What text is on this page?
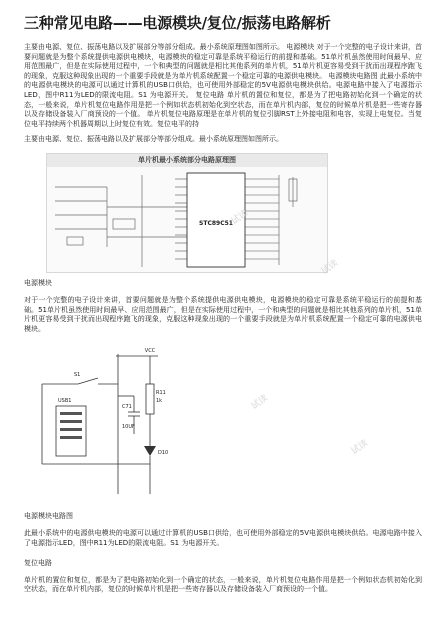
三种常见电路——电源模块/复位/振荡电路解析

主要由电源、复位、振荡电路以及扩展部分等部分组成。最小系统原理图如图所示。 电源模块 对于一个完整的电子设计来讲，首要问题就是为整个系统提供电源供电模块，电源模块的稳定可靠是系统平稳运行的前提和基础。51单片机虽然使用时间最早、应用范围最广，但是在实际使用过程中，一个和典型的问题就是相比其他系列的单片机，51单片机更容易受到干扰而出现程序跑飞的现象，克服这种现象出现的一个重要手段就是为单片机系统配置一个稳定可靠的电源供电模块。 电源模块电路图 此最小系统中的电源供电模块的电源可以通过计算机的USB口供给，也可使用外部稳定的5V电源供电模块供给。电源电路中接入了电源指示LED，图中R11为LED的限流电阻。S1 为电源开关。 复位电路 单片机的置位和复位，都是为了把电路初始化到一个确定的状态，一般来说，单片机复位电路作用是把一个例如状态机初始化到空状态，而在单片机内部，复位的时候单片机是把一些寄存器以及存储设备装入厂商预设的一个值。 单片机复位电路原理是在单片机的复位引脚RST上外接电阻和电容，实现上电复位。当复位电平持续两个机器周期以上时复位有效。复位电平的持

主要由电源、复位、振荡电路以及扩展部分等部分组成。最小系统原理图如图所示。

单片机最小系统部分电路原理图
STC89C51
电源模块

对于一个完整的电子设计来讲，首要问题就是为整个系统提供电源供电模块，电源模块的稳定可靠是系统平稳运行的前提和基础。51单片机虽然使用时间最早、应用范围最广，但是在实际使用过程中，一个和典型的问题就是相比其他系列的单片机，51单片机更容易受到干扰而出现程序跑飞的现象，克服这种现象出现的一个重要手段就是为单片机系统配置一个稳定可靠的电源供电模块。

VCC
S1
R11
1k
C71
10UF
USB1
D10
电源模块电路图

此最小系统中的电源供电模块的电源可以通过计算机的USB口供给，也可使用外部稳定的5V电源供电模块供给。电源电路中接入了电源指示LED，图中R11为LED的限流电阻。S1 为电源开关。

复位电路

单片机的置位和复位，都是为了把电路初始化到一个确定的状态，一般来说，单片机复位电路作用是把一个例如状态机初始化到空状态，而在单片机内部，复位的时候单片机是把一些寄存器以及存储设备装入厂商预设的一个值。

试读
试读
试读
试读
